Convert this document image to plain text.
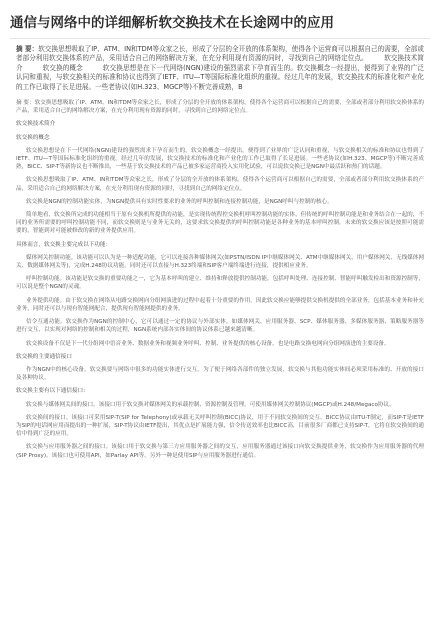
通信与网络中的详细解析软交换技术在长途网中的应用
摘 要：软交换思想吸取了IP、ATM、IN和TDM等众家之长，形成了分层的全开放的体系架构，使得各个运营商可以根据自己的需要，全部或者部分利用软交换体系的产品，采用适合自己的网络解决方案，在充分利用现有资源的同时，寻找到自己的网络定位点。　　　软交换技术简介　　　软交换的概念　　　软交换思想是在下一代网络(NGN)建设的强烈需求下孕育而生的。软交换概念一经提出，便得到了业界的广泛认同和重视，与软交换相关的标准和协议也得到了IETF、ITU—T等国际标准化组织的重视。经过几年的发展，软交换技术的标准化和产业化的工作已取得了长足进展。一些老协议(如H.323、MGCP等)不断完善成熟，B

摘 要：软交换思想吸取了IP、ATM、IN和TDM等众家之长，形成了分层的全开放的体系架构，使得各个运营商可以根据自己的需要，全部或者部分利用软交换体系的产品，采用适合自己的网络解决方案，在充分利用现有资源的同时，寻找到自己的网络定位点。

软交换技术简介
软交换的概念

软交换思想是在下一代网络(NGN)建设的强烈需求下孕育而生的。软交换概念一经提出，便得到了业界的广泛认同和重视，与软交换相关的标准和协议也得到了IETF、ITU—T等国际标准化组织的重视。经过几年的发展，软交换技术的标准化和产业化的工作已取得了长足进展。一些老协议(如H.323、MGCP等)不断完善成熟，BICC、SIP-T等新协议也不断推出，一些基于软交换技术的产品已被多家运营商投入实用化试验，可以说软交换已是NGN中最活跃和热门的话题。

软交换思想吸取了IP、ATM、IN和TDM等众家之长，形成了分层的全开放的体系架构，使得各个运营商可以根据自己的需要，全部或者部分利用软交换体系的产品，采用适合自己的网络解决方案，在充分利用现有资源的同时，寻找到自己的网络定位点。

软交换是NGN的控制功能实体，为NGN提供具有实时性要求的业务的呼叫控制和连接控制功能，是NGN呼叫与控制的核心。

简单地看，软交换所完成的功能相当于原有交换机所提供的功能，是实现传统程控交换机呼叫控制功能的实体，但传统的呼叫控制功能是和业务结合在一起的，不同的业务所需要的呼叫控制功能不同，而软交换则是与业务无关的，这要求软交换提供的呼叫控制功能是各种业务的基本呼叫控制。未来的软交换应该是按照可能需要的，智能到对可能被修改的新的业务提供应用。

具体而言，软交换主要完成以下功能：

媒体网关控制功能。该功能可以认为是一种适配功能，它可以连接各种媒体网关(如PSTN/ISDN IP中继媒体网关、ATM中继媒体网关、用户媒体网关、无线媒体网关、数据媒体网关等)，完成H.248协议功能。同时还可以直接与H.323终端和SIP客户端终端进行连接，提供相应业务。

呼叫控制功能。该功能是软交换的重要功能之一，它为基本呼叫的建立、维持和释放提供控制功能，包括呼叫处理、连接控制、智能呼叫触发检出和资源控制等，可以说是整个NGN的灵魂。

业务提供功能。由于软交换在网络从电路交换网向分组网演进的过程中起着十分重要的作用，因此软交换应能够提供交换机提供的全部业务，包括基本业务和补充业务，同时还可以与现有智能网配合，提供现有智能网提供的业务。

信令互通功能。软交换作为NGN的控制中心，它可以通过一定的协议与外部实体，如媒体网关、应用服务器、SCP、媒体服务器、多媒体服务器、策略服务器等进行交互，以实现对网络的控制和相关的过程，NGN系统内部各实体间的协议体系已越来越清晰。

软交换设备不仅是下一代分组网中语音业务、数据业务和视频业务呼叫、控制、业务提供的核心设备，也是电路交换电网向分组网演进的主要设备。

软交换的主要通信接口

作为NGN中的核心设备，软交换要与网络中很多的功能实体进行交互。为了便于网络各部件的独立发展，软交换与其他功能实体间必须采用标准的、开放的接口及各种协议。

软交换主要有以下通信接口：

软交换与媒体网关间的接口。该接口用于软交换对媒体网关的承载控制、资源控制及管理，可使用媒体网关控制协议(MGCP)或H.248/Megaco协议。

软交换间的接口。该接口可采用SIP-T(SIP for Telephony)或承载无关呼叫控制(BICC)协议，用于不同软交换间的交互。BICC协议由ITU-T制定，而SIP-T是IETF为SIP的电话网应用而提出的一种扩展，SIP-T协议由IETF提出，其优点是扩展能力强，信令传送效率也比BICC高，目前很多厂商都已支持SIP-T，它将在软交换间的通信中得到广泛的应用。

软交换与应用服务器之间的接口。该接口用于软交换与第三方应用服务器之间的交互，应用服务器通过该接口向软交换提供业务，软交换作为应用服务器的代理(SIP Proxy)。该接口也可使用API，如Parlay API等。另外一种是使用SIP与应用服务器进行通信。
